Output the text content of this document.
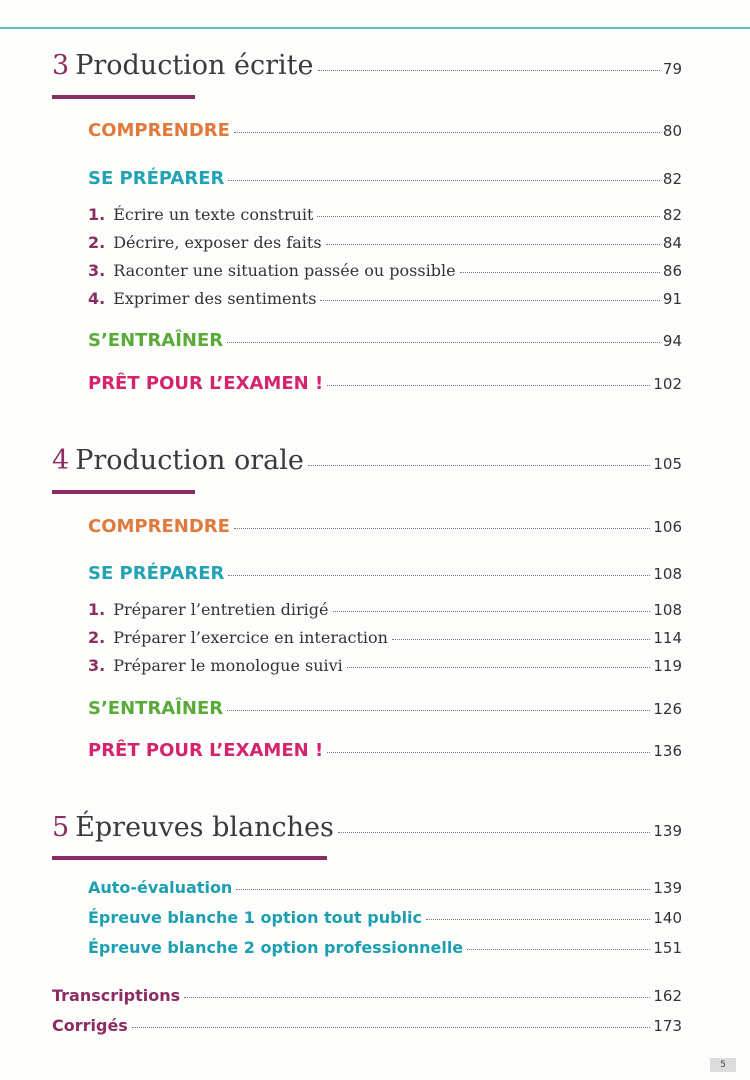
3 Production écrite	79
COMPRENDRE	80
SE PRÉPARER	82
1. Écrire un texte construit	82
2. Décrire, exposer des faits	84
3. Raconter une situation passée ou possible	86
4. Exprimer des sentiments	91
S’ENTRAÎNER	94
PRÊT POUR L’EXAMEN !	102
4 Production orale	105
COMPRENDRE	106
SE PRÉPARER	108
1. Préparer l’entretien dirigé	108
2. Préparer l’exercice en interaction	114
3. Préparer le monologue suivi	119
S’ENTRAÎNER	126
PRÊT POUR L’EXAMEN !	136
5 Épreuves blanches	139
Auto-évaluation	139
Épreuve blanche 1 option tout public	140
Épreuve blanche 2 option professionnelle	151
Transcriptions	162
Corrigés	173
5
